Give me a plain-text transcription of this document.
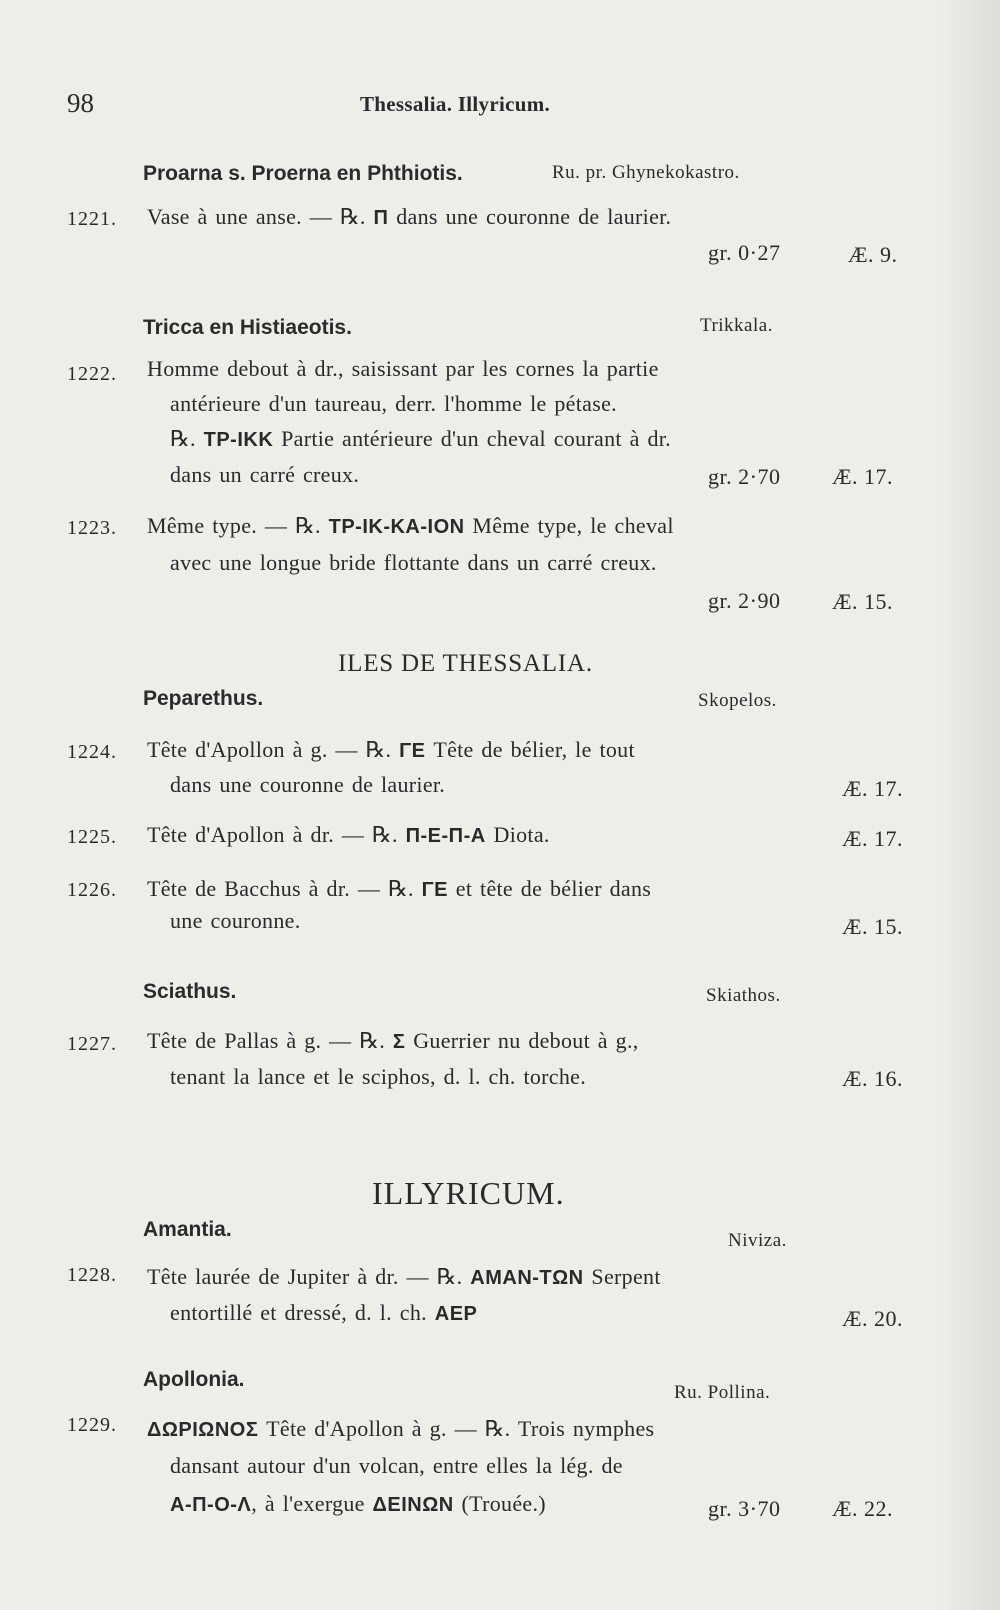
98	Thessalia. Illyricum.
Proarna s. Proerna en Phthiotis.	Ru. pr. Ghynekokastro.
1221. Vase à une anse. — ℞. Π dans une couronne de laurier.
gr. 0·27	Æ. 9.
Tricca en Histiaeotis.	Trikkala.
1222. Homme debout à dr., saisissant par les cornes la partie
antérieure d'un taureau, derr. l'homme le pétase.
℞. TP-IKK Partie antérieure d'un cheval courant à dr.
dans un carré creux.	gr. 2·70 Æ. 17.
1223. Même type. — ℞. TP-IK-KA-ION Même type, le cheval
avec une longue bride flottante dans un carré creux.
gr. 2·90 Æ. 15.
ILES DE THESSALIA.
Peparethus.	Skopelos.
1224. Tête d'Apollon à g. — ℞. ΓΕ Tête de bélier, le tout
dans une couronne de laurier.	Æ. 17.
1225. Tête d'Apollon à dr. — ℞. Π-Ε-Π-Α Diota.	Æ. 17.
1226. Tête de Bacchus à dr. — ℞. ΓΕ et tête de bélier dans
une couronne.	Æ. 15.
Sciathus.	Skiathos.
1227. Tête de Pallas à g. — ℞. Σ Guerrier nu debout à g.,
tenant la lance et le sciphos, d. l. ch. torche.	Æ. 16.
ILLYRICUM.
Amantia.	Niviza.
1228. Tête laurée de Jupiter à dr. — ℞. AMAN-TΩN Serpent
entortillé et dressé, d. l. ch. AEP	Æ. 20.
Apollonia.
Ru. Pollina.
1229. ΔΩΡΙΩΝΟΣ Tête d'Apollon à g. — ℞. Trois nymphes
dansant autour d'un volcan, entre elles la lég. de
Α-Π-Ο-Λ, à l'exergue ΔΕΙΝΩΝ (Trouée.)	gr. 3·70 Æ. 22.
